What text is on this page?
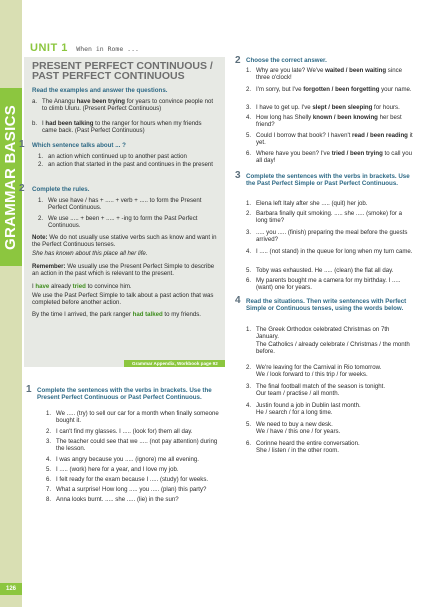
GRAMMAR BASICS
126
UNIT 1 When in Rome ...
PRESENT PERFECT CONTINUOUS /
PAST PERFECT CONTINUOUS
Read the examples and answer the questions.
a. The Anangu have been trying for years to convince people not to climb Uluru. (Present Perfect Continuous)
b. I had been talking to the ranger for hours when my friends came back. (Past Perfect Continuous)
1 Which sentence talks about ... ?
1. an action which continued up to another past action
2. an action that started in the past and continues in the present
2 Complete the rules.
1. We use have / has + ..... + verb + ..... to form the Present Perfect Continuous.
2. We use ..... + been + ..... + -ing to form the Past Perfect Continuous.
Note: We do not usually use stative verbs such as know and want in the Perfect Continuous tenses.
She has known about this place all her life.
Remember: We usually use the Present Perfect Simple to describe an action in the past which is relevant to the present.
I have already tried to convince him.
We use the Past Perfect Simple to talk about a past action that was completed before another action.
By the time I arrived, the park ranger had talked to my friends.
Grammar Appendix, Workbook page 92
1 Complete the sentences with the verbs in brackets. Use the Present Perfect Continuous or Past Perfect Continuous.
1. We ..... (try) to sell our car for a month when finally someone bought it.
2. I can't find my glasses. I ..... (look for) them all day.
3. The teacher could see that we ..... (not pay attention) during the lesson.
4. I was angry because you ..... (ignore) me all evening.
5. I ..... (work) here for a year, and I love my job.
6. I felt ready for the exam because I ..... (study) for weeks.
7. What a surprise! How long ..... you ..... (plan) this party?
8. Anna looks burnt. ..... she ..... (lie) in the sun?
2 Choose the correct answer.
1. Why are you late? We've waited / been waiting since three o'clock!
2. I'm sorry, but I've forgotten / been forgetting your name.
3. I have to get up. I've slept / been sleeping for hours.
4. How long has Shelly known / been knowing her best friend?
5. Could I borrow that book? I haven't read / been reading it yet.
6. Where have you been? I've tried / been trying to call you all day!
3 Complete the sentences with the verbs in brackets. Use the Past Perfect Simple or Past Perfect Continuous.
1. Elena left Italy after she ..... (quit) her job.
2. Barbara finally quit smoking. ..... she ..... (smoke) for a long time?
3. ..... you ..... (finish) preparing the meal before the guests arrived?
4. I ..... (not stand) in the queue for long when my turn came.
5. Toby was exhausted. He ..... (clean) the flat all day.
6. My parents bought me a camera for my birthday. I ..... (want) one for years.
4 Read the situations. Then write sentences with Perfect Simple or Continuous tenses, using the words below.
1. The Greek Orthodox celebrated Christmas on 7th January.
The Catholics / already celebrate / Christmas / the month before.
2. We're leaving for the Carnival in Rio tomorrow.
We / look forward to / this trip / for weeks.
3. The final football match of the season is tonight.
Our team / practise / all month.
4. Justin found a job in Dublin last month.
He / search / for a long time.
5. We need to buy a new desk.
We / have / this one / for years.
6. Corinne heard the entire conversation.
She / listen / in the other room.
